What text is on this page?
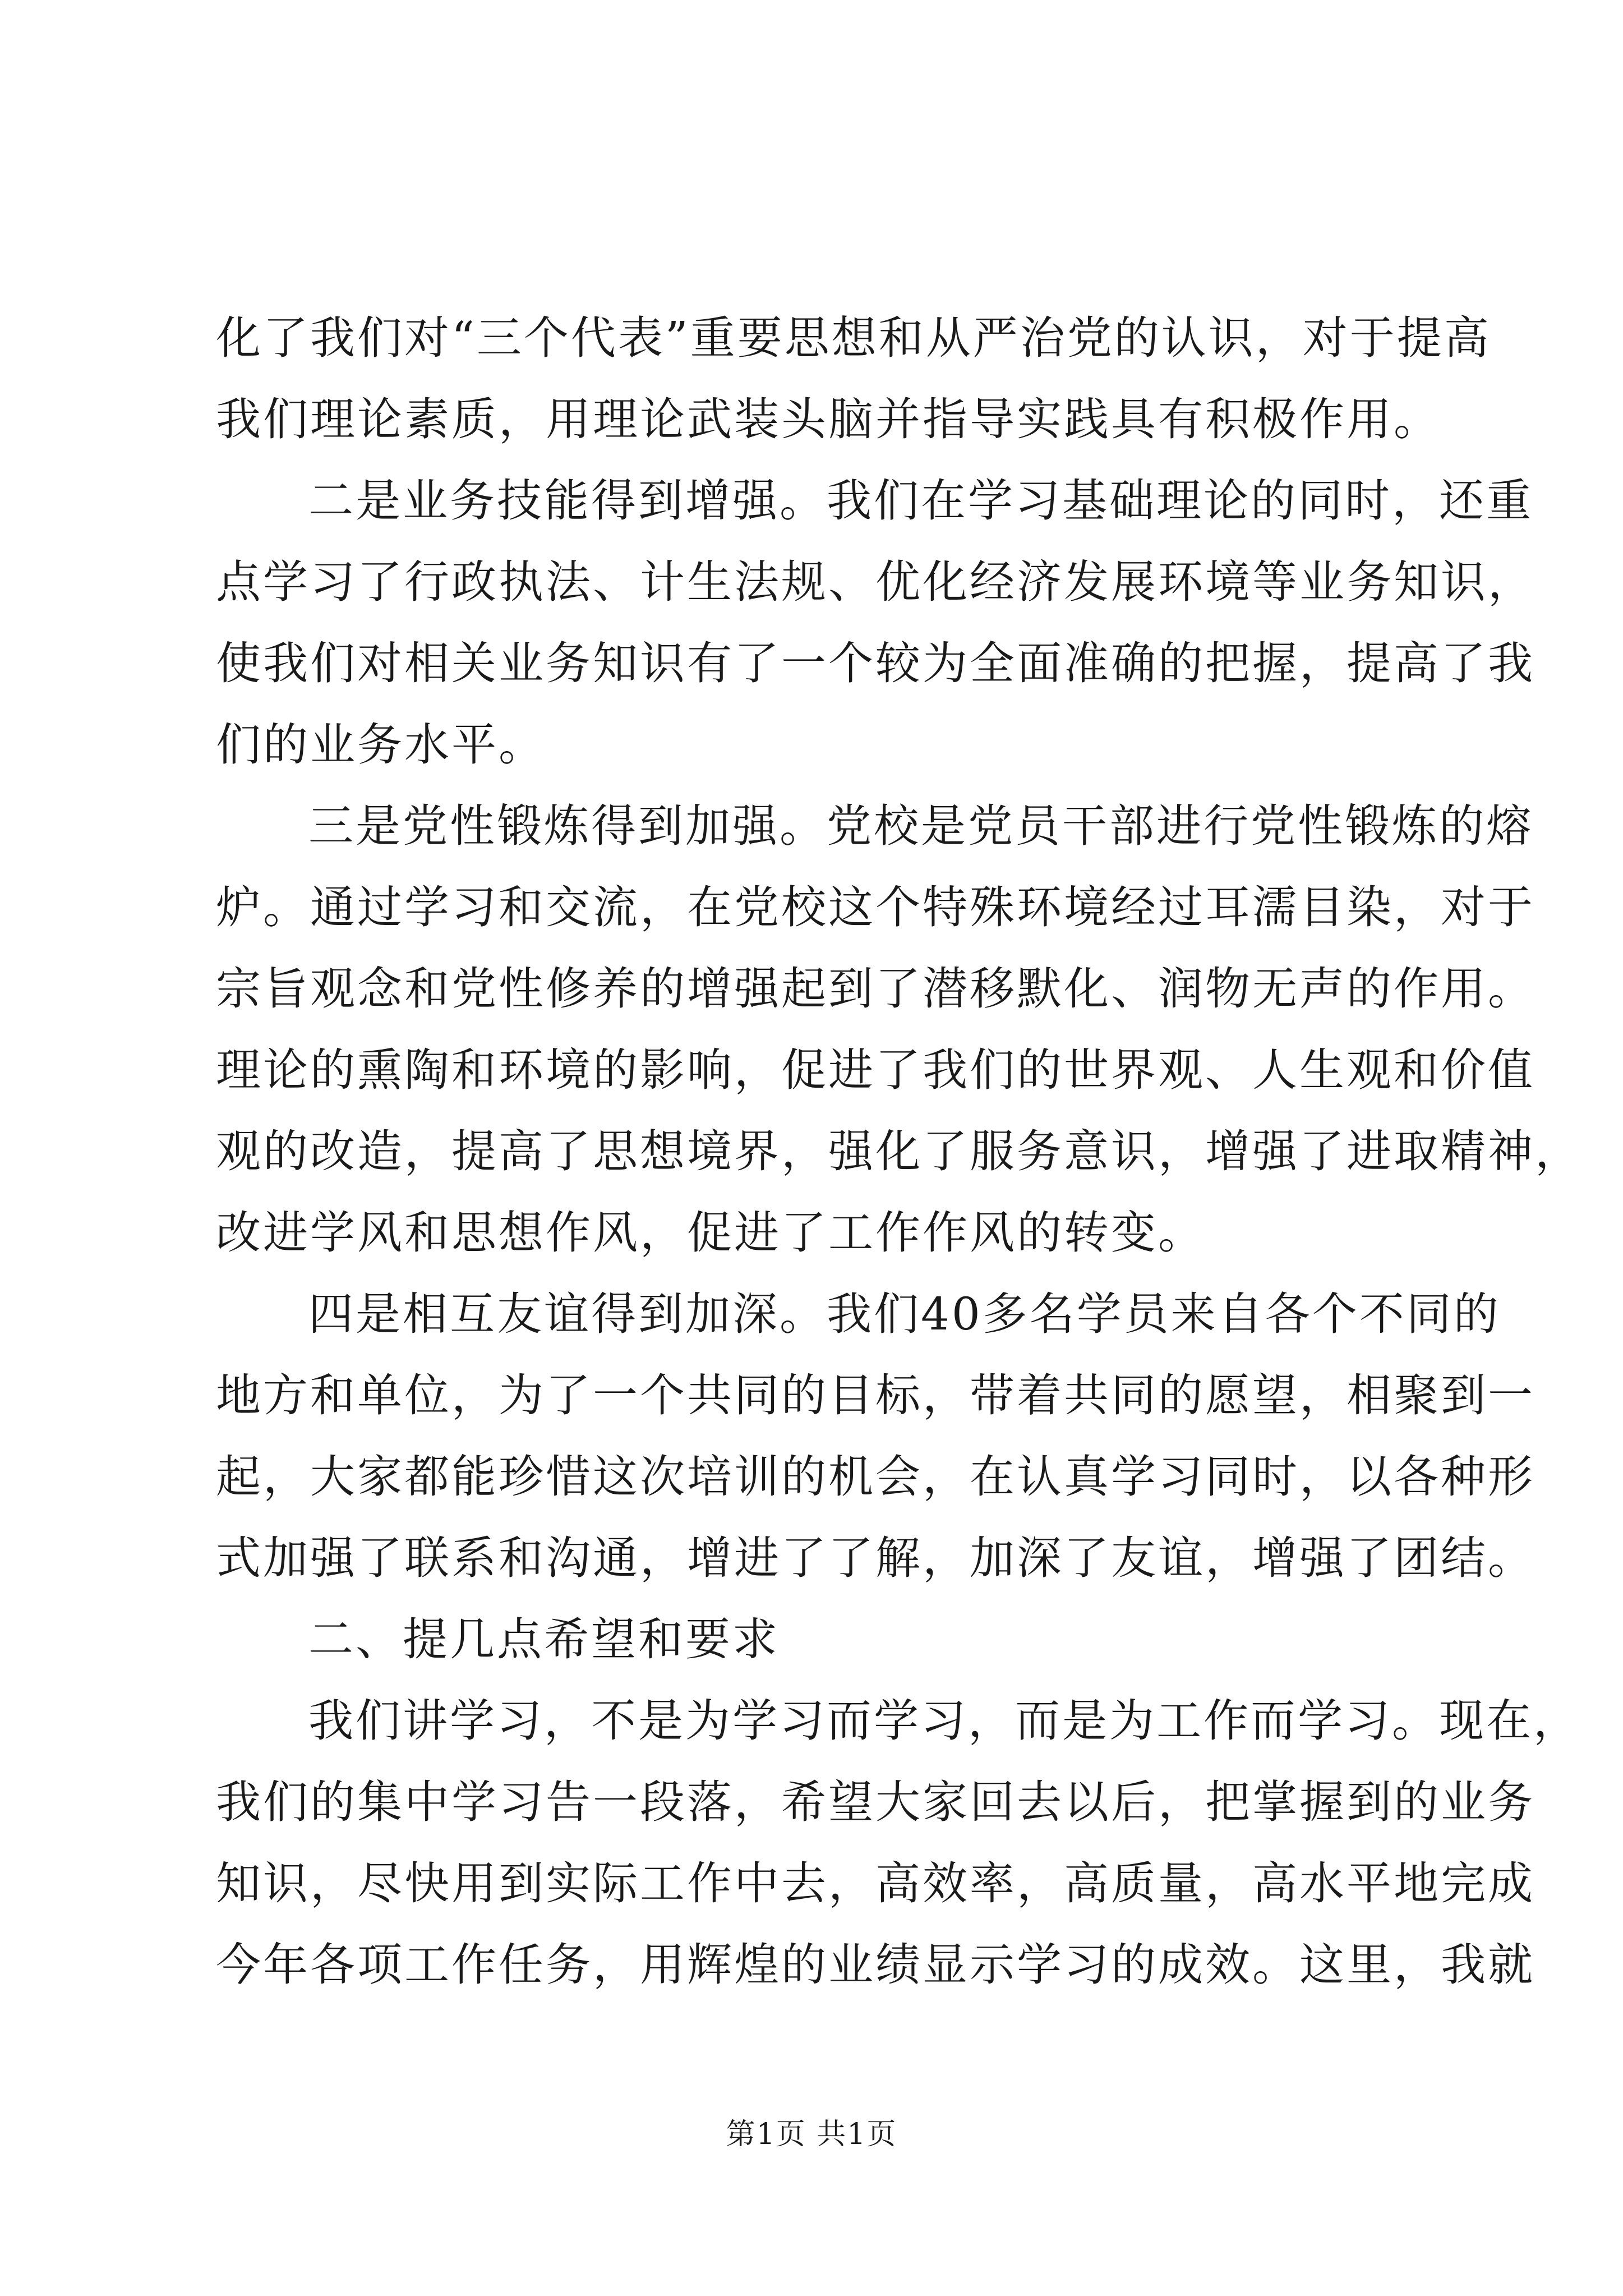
化了我们对“三个代表”重要思想和从严治党的认识，对于提高
我们理论素质，用理论武装头脑并指导实践具有积极作用。
二是业务技能得到增强。我们在学习基础理论的同时，还重
点学习了行政执法、计生法规、优化经济发展环境等业务知识，
使我们对相关业务知识有了一个较为全面准确的把握，提高了我
们的业务水平。
三是党性锻炼得到加强。党校是党员干部进行党性锻炼的熔
炉。通过学习和交流，在党校这个特殊环境经过耳濡目染，对于
宗旨观念和党性修养的增强起到了潜移默化、润物无声的作用。
理论的熏陶和环境的影响，促进了我们的世界观、人生观和价值
观的改造，提高了思想境界，强化了服务意识，增强了进取精神，
改进学风和思想作风，促进了工作作风的转变。
四是相互友谊得到加深。我们40多名学员来自各个不同的
地方和单位，为了一个共同的目标，带着共同的愿望，相聚到一
起，大家都能珍惜这次培训的机会，在认真学习同时，以各种形
式加强了联系和沟通，增进了了解，加深了友谊，增强了团结。
二、提几点希望和要求
我们讲学习，不是为学习而学习，而是为工作而学习。现在，
我们的集中学习告一段落，希望大家回去以后，把掌握到的业务
知识，尽快用到实际工作中去，高效率，高质量，高水平地完成
今年各项工作任务，用辉煌的业绩显示学习的成效。这里，我就
第1页 共1页
